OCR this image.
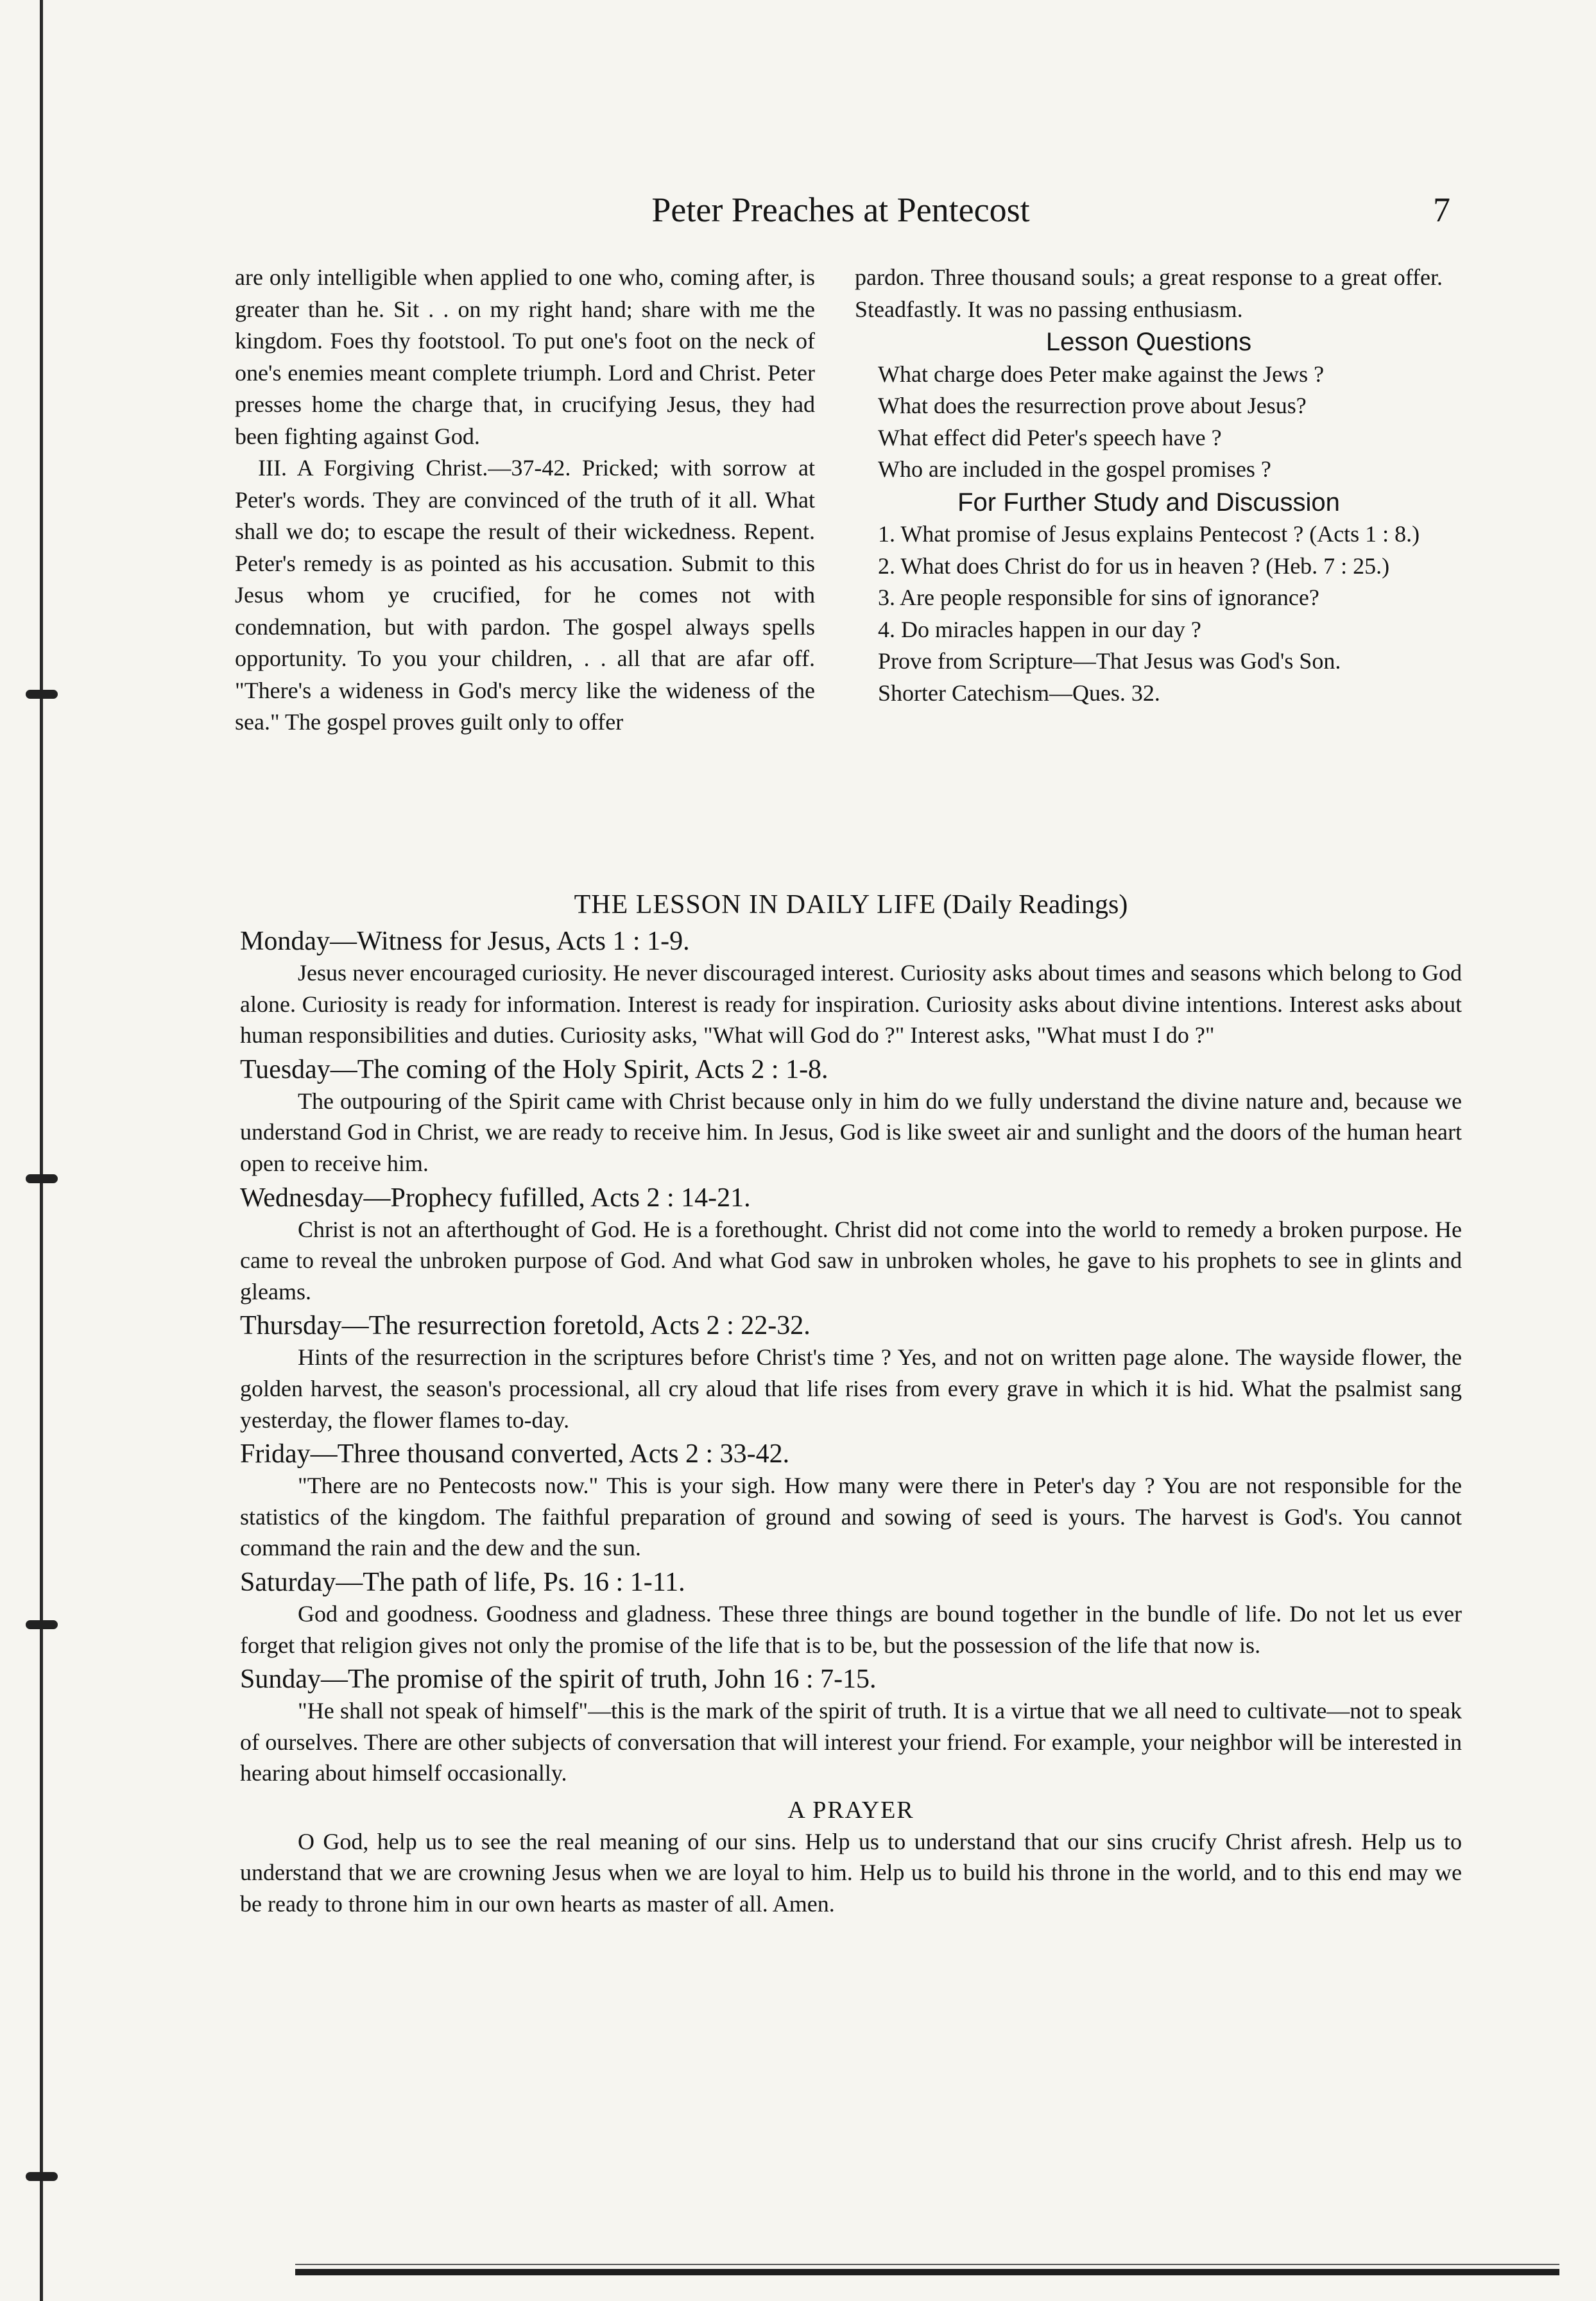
Peter Preaches at Pentecost	7

are only intelligible when applied to one who, coming after, is greater than he. Sit . . on my right hand; share with me the kingdom. Foes thy footstool. To put one's foot on the neck of one's enemies meant complete triumph. Lord and Christ. Peter presses home the charge that, in crucifying Jesus, they had been fighting against God.

III. A Forgiving Christ.—37-42. Pricked; with sorrow at Peter's words. They are convinced of the truth of it all. What shall we do; to escape the result of their wickedness. Repent. Peter's remedy is as pointed as his accusation. Submit to this Jesus whom ye crucified, for he comes not with condemnation, but with pardon. The gospel always spells opportunity. To you your children, . . all that are afar off. "There's a wideness in God's mercy like the wideness of the sea." The gospel proves guilt only to offer

pardon. Three thousand souls; a great response to a great offer. Steadfastly. It was no passing enthusiasm.

Lesson Questions

What charge does Peter make against the Jews ?

What does the resurrection prove about Jesus?

What effect did Peter's speech have ?

Who are included in the gospel promises ?

For Further Study and Discussion

1. What promise of Jesus explains Pentecost ? (Acts 1 : 8.)

2. What does Christ do for us in heaven ? (Heb. 7 : 25.)

3. Are people responsible for sins of ignorance?

4. Do miracles happen in our day ?

Prove from Scripture—That Jesus was God's Son.

Shorter Catechism—Ques. 32.

THE LESSON IN DAILY LIFE (Daily Readings)

Monday—Witness for Jesus, Acts 1 : 1-9.

Jesus never encouraged curiosity. He never discouraged interest. Curiosity asks about times and seasons which belong to God alone. Curiosity is ready for information. Interest is ready for inspiration. Curiosity asks about divine intentions. Interest asks about human responsibilities and duties. Curiosity asks, "What will God do ?" Interest asks, "What must I do ?"

Tuesday—The coming of the Holy Spirit, Acts 2 : 1-8.

The outpouring of the Spirit came with Christ because only in him do we fully understand the divine nature and, because we understand God in Christ, we are ready to receive him. In Jesus, God is like sweet air and sunlight and the doors of the human heart open to receive him.

Wednesday—Prophecy fufilled, Acts 2 : 14-21.

Christ is not an afterthought of God. He is a forethought. Christ did not come into the world to remedy a broken purpose. He came to reveal the unbroken purpose of God. And what God saw in unbroken wholes, he gave to his prophets to see in glints and gleams.

Thursday—The resurrection foretold, Acts 2 : 22-32.

Hints of the resurrection in the scriptures before Christ's time ? Yes, and not on written page alone. The wayside flower, the golden harvest, the season's processional, all cry aloud that life rises from every grave in which it is hid. What the psalmist sang yesterday, the flower flames to-day.

Friday—Three thousand converted, Acts 2 : 33-42.

"There are no Pentecosts now." This is your sigh. How many were there in Peter's day ? You are not responsible for the statistics of the kingdom. The faithful preparation of ground and sowing of seed is yours. The harvest is God's. You cannot command the rain and the dew and the sun.

Saturday—The path of life, Ps. 16 : 1-11.

God and goodness. Goodness and gladness. These three things are bound together in the bundle of life. Do not let us ever forget that religion gives not only the promise of the life that is to be, but the possession of the life that now is.

Sunday—The promise of the spirit of truth, John 16 : 7-15.

"He shall not speak of himself"—this is the mark of the spirit of truth. It is a virtue that we all need to cultivate—not to speak of ourselves. There are other subjects of conversation that will interest your friend. For example, your neighbor will be interested in hearing about himself occasionally.

A PRAYER

O God, help us to see the real meaning of our sins. Help us to understand that our sins crucify Christ afresh. Help us to understand that we are crowning Jesus when we are loyal to him. Help us to build his throne in the world, and to this end may we be ready to throne him in our own hearts as master of all. Amen.
